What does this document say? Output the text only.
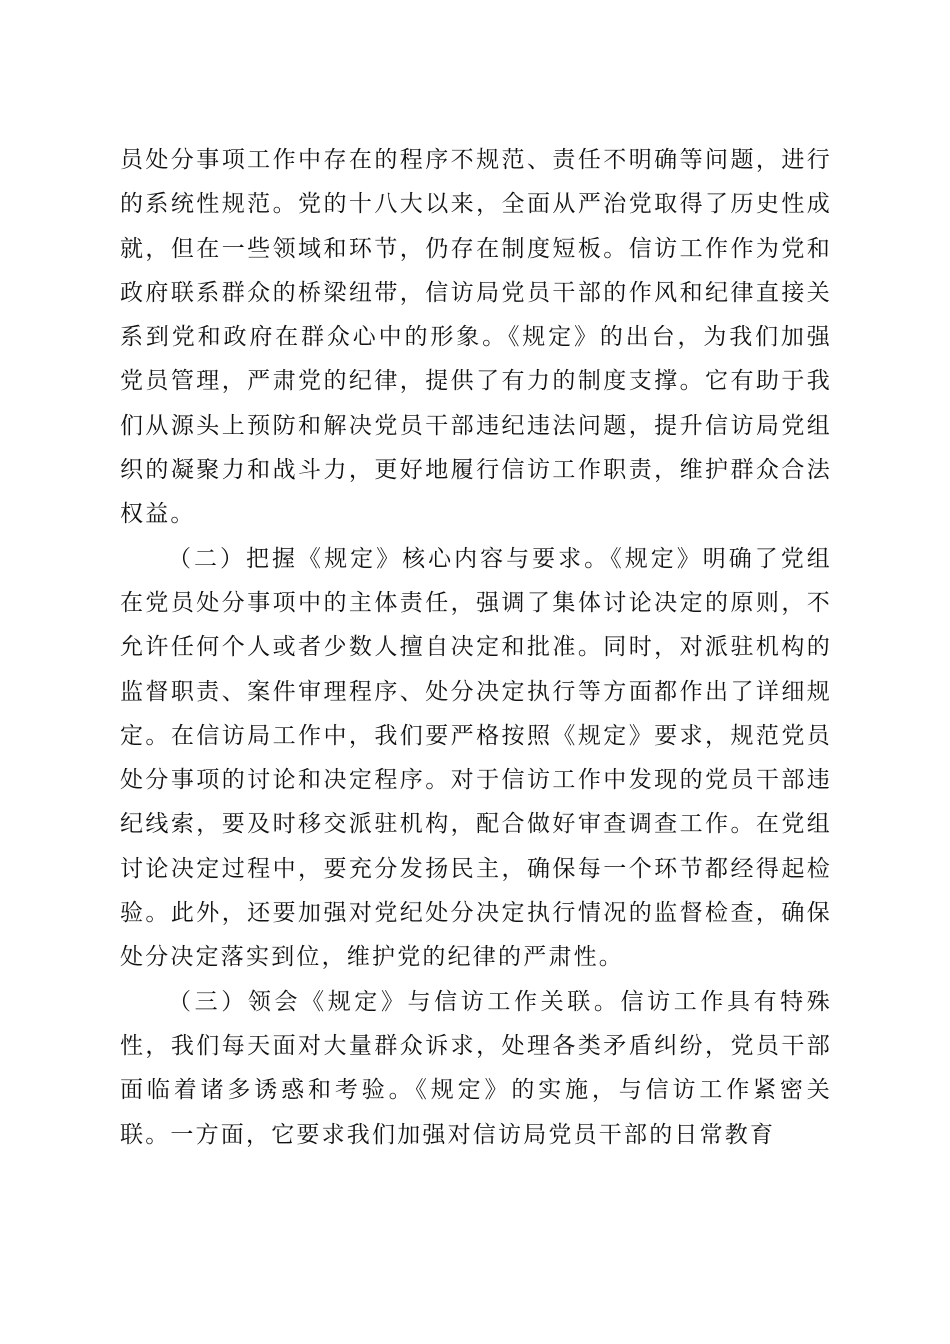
员处分事项工作中存在的程序不规范、责任不明确等问题，进行的系统性规范。党的十八大以来，全面从严治党取得了历史性成就，但在一些领域和环节，仍存在制度短板。信访工作作为党和政府联系群众的桥梁纽带，信访局党员干部的作风和纪律直接关系到党和政府在群众心中的形象。《规定》的出台，为我们加强党员管理，严肃党的纪律，提供了有力的制度支撑。它有助于我们从源头上预防和解决党员干部违纪违法问题，提升信访局党组织的凝聚力和战斗力，更好地履行信访工作职责，维护群众合法权益。

（二）把握《规定》核心内容与要求。《规定》明确了党组在党员处分事项中的主体责任，强调了集体讨论决定的原则，不允许任何个人或者少数人擅自决定和批准。同时，对派驻机构的监督职责、案件审理程序、处分决定执行等方面都作出了详细规定。在信访局工作中，我们要严格按照《规定》要求，规范党员处分事项的讨论和决定程序。对于信访工作中发现的党员干部违纪线索，要及时移交派驻机构，配合做好审查调查工作。在党组讨论决定过程中，要充分发扬民主，确保每一个环节都经得起检验。此外，还要加强对党纪处分决定执行情况的监督检查，确保处分决定落实到位，维护党的纪律的严肃性。

（三）领会《规定》与信访工作关联。信访工作具有特殊性，我们每天面对大量群众诉求，处理各类矛盾纠纷，党员干部面临着诸多诱惑和考验。《规定》的实施，与信访工作紧密关联。一方面，它要求我们加强对信访局党员干部的日常教育
